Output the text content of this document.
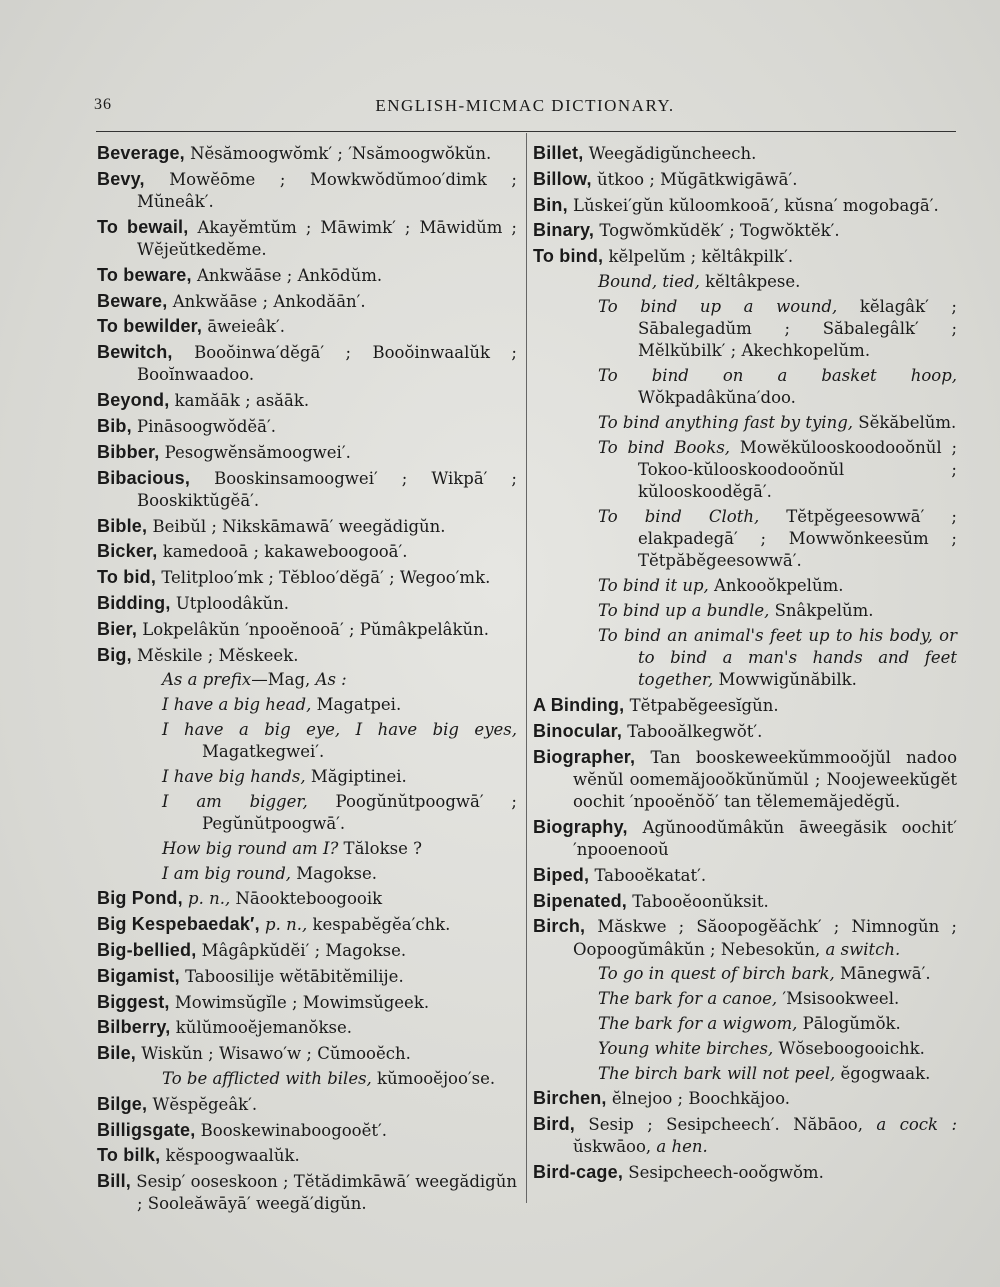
36	ENGLISH-MICMAC DICTIONARY.
Beverage, Nĕsămoogwŏmk′ ; ′Nsămoogwŏkŭn.
Bevy, Mowĕōme ; Mowkwŏdŭmoo′dimk ; Mŭneâk′.
To bewail, Akayĕmtŭm ; Māwimk′ ; Māwidŭm ; Wĕjeŭtkedĕme.
To beware, Ankwăāse ; Ankōdŭm.
Beware, Ankwăāse ; Ankodăān′.
To bewilder, āweieâk′.
Bewitch, Booŏinwa′dĕgā′ ; Booŏinwaalŭk ; Booĭnwaadoo.
Beyond, kamăāk ; asăāk.
Bib, Pināsoogwŏdĕā′.
Bibber, Pesogwĕnsămoogwei′.
Bibacious, Booskinsamoogwei′ ; Wikpā′ ; Booskiktŭgĕā′.
Bible, Beibŭl ; Nikskāmawā′ weegădigŭn.
Bicker, kamedooā ; kakaweboogooā′.
To bid, Telitploo′mk ; Tĕbloo′dĕgā′ ; Wegoo′mk.
Bidding, Utploodâkŭn.
Bier, Lokpelâkŭn ′npooĕnooā′ ; Pŭmâkpelâkŭn.
Big, Mĕskile ; Mĕskeek.
As a prefix—Mag, As :
I have a big head, Magatpei.
I have a big eye, I have big eyes, Magatkegwei′.
I have big hands, Măgiptinei.
I am bigger, Poogŭnŭtpoogwā′ ; Pegŭnŭtpoogwā′.
How big round am I? Tălokse ?
I am big round, Magokse.
Big Pond, p. n., Nāookteboogooik
Big Kespebaedak′, p. n., kespabĕgĕa′chk.
Big-bellied, Mâgâpkŭdĕi′ ; Magokse.
Bigamist, Taboosilije wĕtābitĕmilije.
Biggest, Mowimsŭgĭle ; Mowimsŭgeek.
Bilberry, kŭlŭmooĕjemanŏkse.
Bile, Wiskŭn ; Wisawo′w ; Cŭmooĕch.
To be afflicted with biles, kŭmooĕjoo′se.
Bilge, Wĕspĕgeâk′.
Billigsgate, Booskewinaboogooĕt′.
To bilk, kĕspoogwaalŭk.
Bill, Sesip′ ooseskoon ; Tĕtădimkāwā′ weegădigŭn ; Sooleăwāyā′ weegă′digŭn.
Billet, Weegădigŭncheech.
Billow, ŭtkoo ; Mŭgātkwigāwā′.
Bin, Lŭskei′gŭn kŭloomkooā′, kŭsna′ mogobagā′.
Binary, Togwŏmkŭdĕk′ ; Togwŏktĕk′.
To bind, kĕlpelŭm ; kĕltâkpilk′.
Bound, tied, kĕltâkpese.
To bind up a wound, kĕlagâk′ ; Sābalegadŭm ; Săbalegâlk′ ; Mĕlkŭbilk′ ; Akechkopelŭm.
To bind on a basket hoop, Wŏkpadâkŭna′doo.
To bind anything fast by tying, Sĕkăbelŭm.
To bind Books, Mowĕkŭlooskoodooŏnŭl ; Tokoo-kŭlooskoodooŏnŭl ; kŭlooskoodĕgā′.
To bind Cloth, Tĕtpĕgeesowwā′ ; elakpadegā′ ; Mowwŏnkeesŭm ; Tĕtpăbĕgeesowwā′.
To bind it up, Ankooŏkpelŭm.
To bind up a bundle, Snâkpelŭm.
To bind an animal's feet up to his body, or to bind a man's hands and feet together, Mowwigŭnăbilk.
A Binding, Tĕtpabĕgeesĭgŭn.
Binocular, Tabooălkegwŏt′.
Biographer, Tan booskeweekŭmmooŏjŭl nadoo wĕnŭl oomemăjooŏkŭnŭmŭl ; Noojeweekŭgĕt oochit ′npooĕnŏŏ′ tan tĕlememăjedĕgŭ.
Biography, Agŭnoodŭmâkŭn āweegăsik oochit′ ′npooenooŭ
Biped, Tabooĕkatat′.
Bipenated, Tabooĕoonŭksit.
Birch, Măskwe ; Săoopogĕăchk′ ; Nimnogŭn ; Oopoogŭmâkŭn ; Nebesokŭn, a switch.
To go in quest of birch bark, Mānegwā′.
The bark for a canoe, ′Msisookweel.
The bark for a wigwom, Pālogŭmŏk.
Young white birches, Wŏseboogooichk.
The birch bark will not peel, ĕgogwaak.
Birchen, ĕlnejoo ; Boochkăjoo.
Bird, Sesip ; Sesipcheech′. Năbāoo, a cock : ŭskwāoo, a hen.
Bird-cage, Sesipcheech-ooŏgwŏm.
